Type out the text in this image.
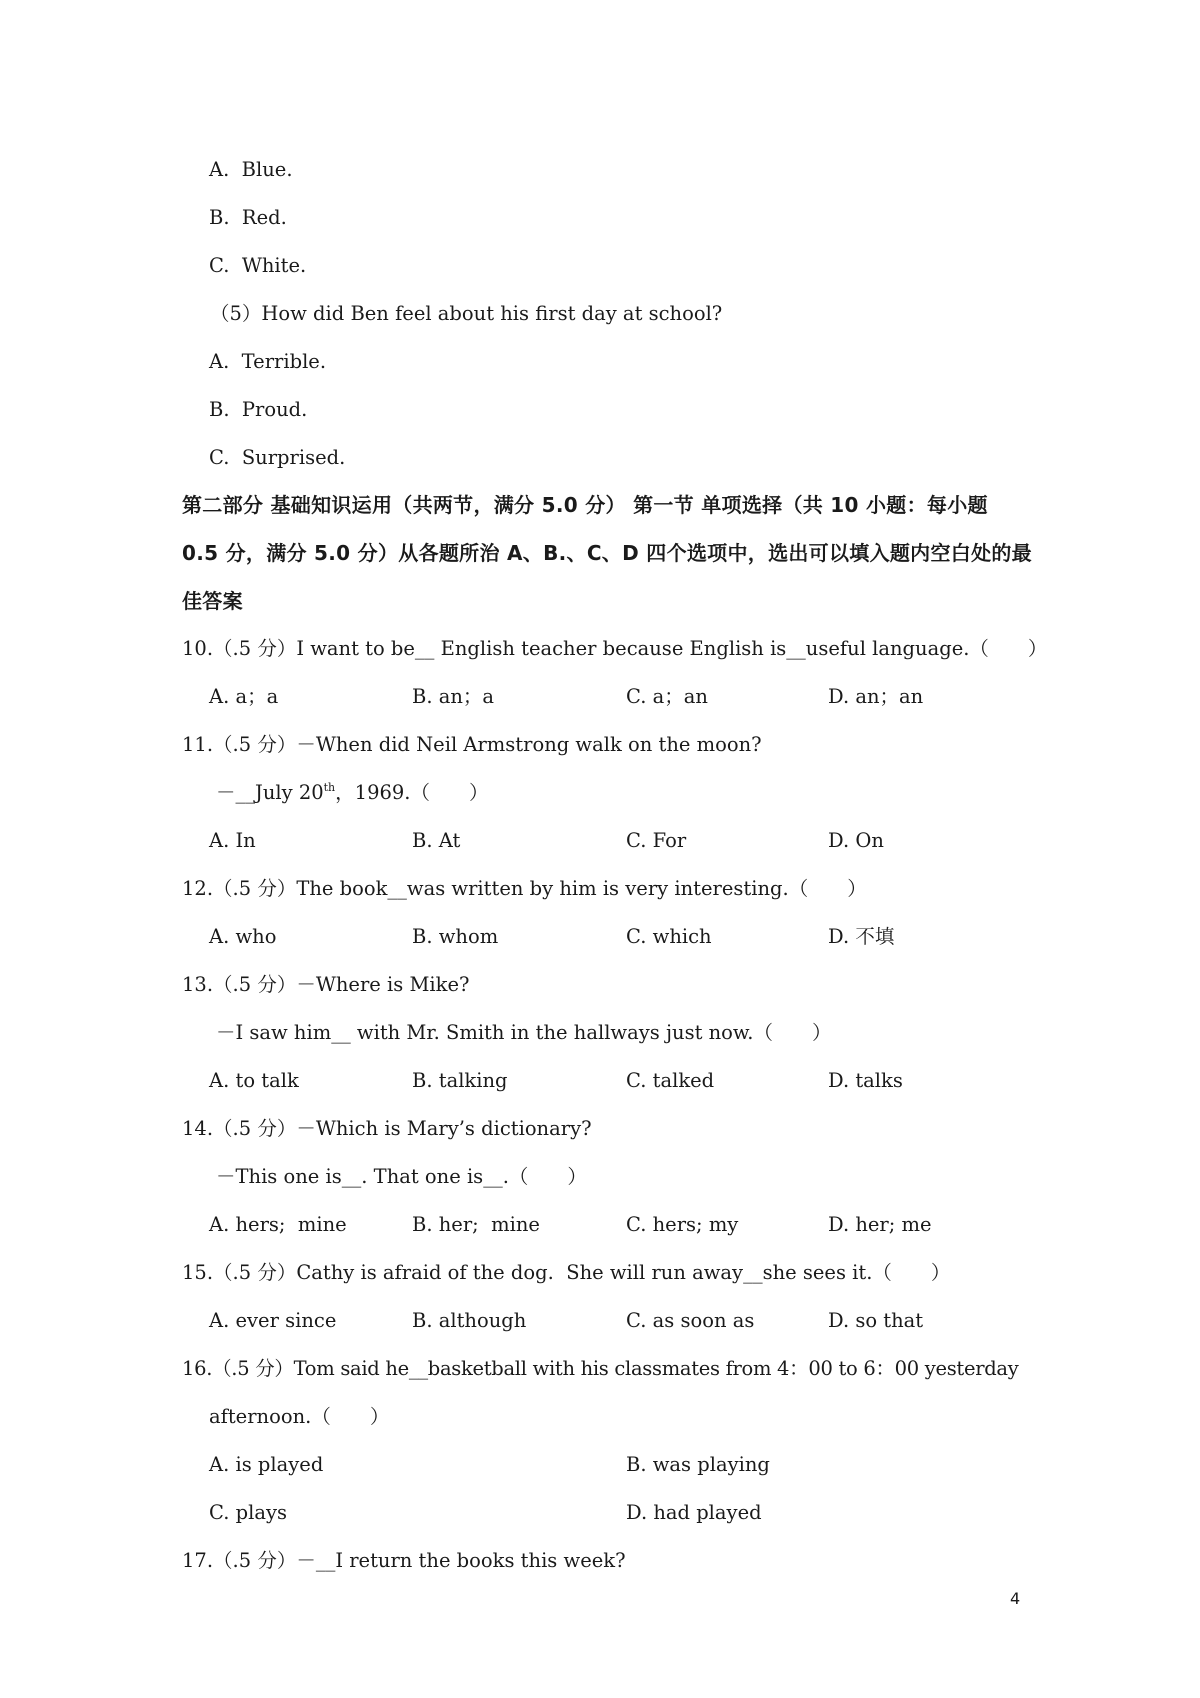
A.  Blue.
B.  Red.
C.  White.
（5）How did Ben feel about his first day at school?
A.  Terrible.
B.  Proud.
C.  Surprised.
第二部分 基础知识运用（共两节，满分 5.0 分） 第一节 单项选择（共 10 小题：每小题
0.5 分，满分 5.0 分）从各题所治 A、B.、C、D 四个选项中，选出可以填入题内空白处的最
佳答案
10.（.5 分）I want to be__ English teacher because English is__useful language.（　　）
A. a；a	B. an；a	C. a；an	D. an；an
11.（.5 分）－When did Neil Armstrong walk on the moon?
－__July 20th，1969.（　　）
A. In	B. At	C. For	D. On
12.（.5 分）The book__was written by him is very interesting.（　　）
A. who	B. whom	C. which	D. 不填
13.（.5 分）－Where is Mike?
－I saw him__ with Mr. Smith in the hallways just now.（　　）
A. to talk	B. talking	C. talked	D. talks
14.（.5 分）－Which is Mary’s dictionary?
－This one is__. That one is__.（　　）
A. hers;  mine	B. her;  mine	C. hers; my	D. her; me
15.（.5 分）Cathy is afraid of the dog.  She will run away__she sees it.（　　）
A. ever since	B. although	C. as soon as	D. so that
16.（.5 分）Tom said he__basketball with his classmates from 4：00 to 6：00 yesterday
afternoon.（　　）
A. is played	B. was playing
C. plays	D. had played
17.（.5 分）－__I return the books this week?
4
